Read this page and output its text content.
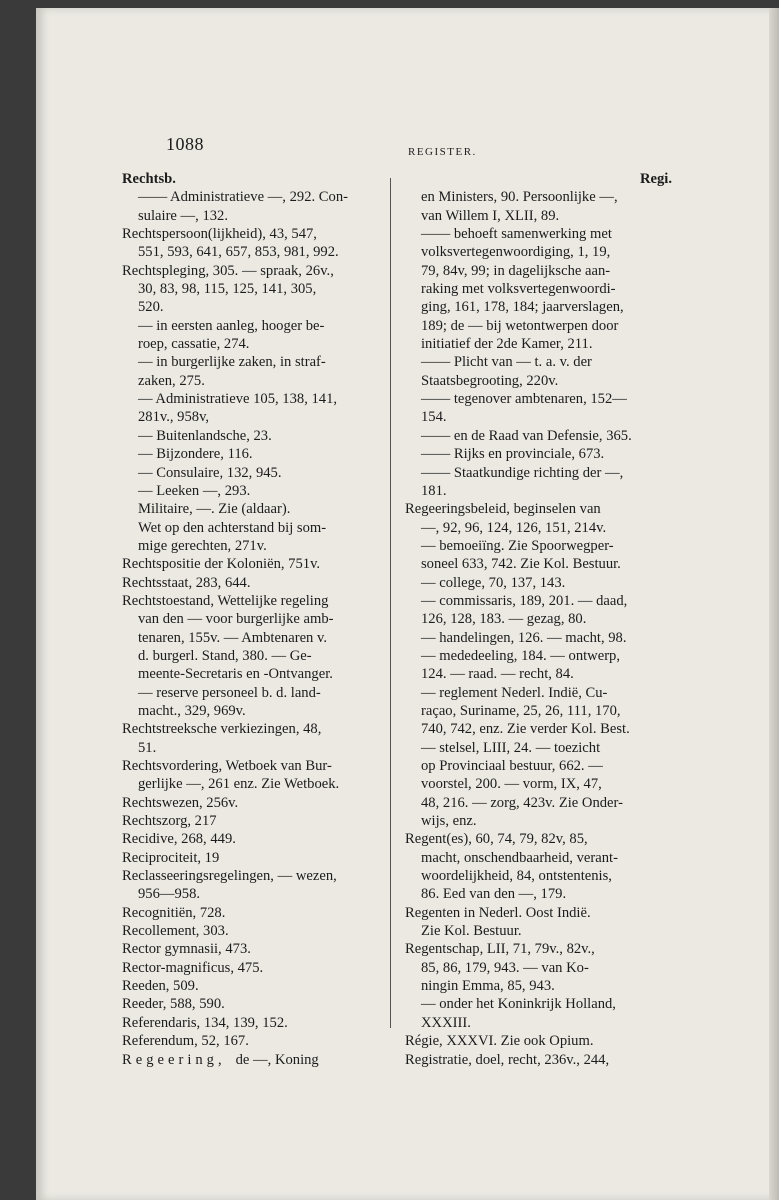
1088	REGISTER.
Rechtsb.
—— Administratieve —, 292. Con-
sulaire —, 132.
Rechtspersoon(lijkheid), 43, 547,
551, 593, 641, 657, 853, 981, 992.
Rechtspleging, 305. — spraak, 26v.,
30, 83, 98, 115, 125, 141, 305,
520.
— in eersten aanleg, hooger be-
roep, cassatie, 274.
— in burgerlijke zaken, in straf-
zaken, 275.
— Administratieve 105, 138, 141,
281v., 958v,
— Buitenlandsche, 23.
— Bijzondere, 116.
— Consulaire, 132, 945.
— Leeken —, 293.
Militaire, —. Zie (aldaar).
Wet op den achterstand bij som-
mige gerechten, 271v.
Rechtspositie der Koloniën, 751v.
Rechtsstaat, 283, 644.
Rechtstoestand, Wettelijke regeling
van den — voor burgerlijke amb-
tenaren, 155v. — Ambtenaren v.
d. burgerl. Stand, 380. — Ge-
meente-Secretaris en -Ontvanger.
— reserve personeel b. d. land-
macht., 329, 969v.
Rechtstreeksche verkiezingen, 48,
51.
Rechtsvordering, Wetboek van Bur-
gerlijke —, 261 enz. Zie Wetboek.
Rechtswezen, 256v.
Rechtszorg, 217
Recidive, 268, 449.
Reciprociteit, 19
Reclasseeringsregelingen, — wezen,
956—958.
Recognitiën, 728.
Recollement, 303.
Rector gymnasii, 473.
Rector-magnificus, 475.
Reeden, 509.
Reeder, 588, 590.
Referendaris, 134, 139, 152.
Referendum, 52, 167.
Regeering, de —, Koning
Regi.
en Ministers, 90. Persoonlijke —,
van Willem I, XLII, 89.
—— behoeft samenwerking met
volksvertegenwoordiging, 1, 19,
79, 84v, 99; in dagelijksche aan-
raking met volksvertegenwoordi-
ging, 161, 178, 184; jaarverslagen,
189; de — bij wetontwerpen door
initiatief der 2de Kamer, 211.
—— Plicht van — t. a. v. der
Staatsbegrooting, 220v.
—— tegenover ambtenaren, 152—
154.
—— en de Raad van Defensie, 365.
—— Rijks en provinciale, 673.
—— Staatkundige richting der —,
181.
Regeeringsbeleid, beginselen van
—, 92, 96, 124, 126, 151, 214v.
— bemoeiïng. Zie Spoorwegper-
soneel 633, 742. Zie Kol. Bestuur.
— college, 70, 137, 143.
— commissaris, 189, 201. — daad,
126, 128, 183. — gezag, 80.
— handelingen, 126. — macht, 98.
— mededeeling, 184. — ontwerp,
124. — raad. — recht, 84.
— reglement Nederl. Indië, Cu-
raçao, Suriname, 25, 26, 111, 170,
740, 742, enz. Zie verder Kol. Best.
— stelsel, LIII, 24. — toezicht
op Provinciaal bestuur, 662. —
voorstel, 200. — vorm, IX, 47,
48, 216. — zorg, 423v. Zie Onder-
wijs, enz.
Regent(es), 60, 74, 79, 82v, 85,
macht, onschendbaarheid, verant-
woordelijkheid, 84, ontstentenis,
86. Eed van den —, 179.
Regenten in Nederl. Oost Indië.
Zie Kol. Bestuur.
Regentschap, LII, 71, 79v., 82v.,
85, 86, 179, 943. — van Ko-
ningin Emma, 85, 943.
— onder het Koninkrijk Holland,
XXXIII.
Régie, XXXVI. Zie ook Opium.
Registratie, doel, recht, 236v., 244,
